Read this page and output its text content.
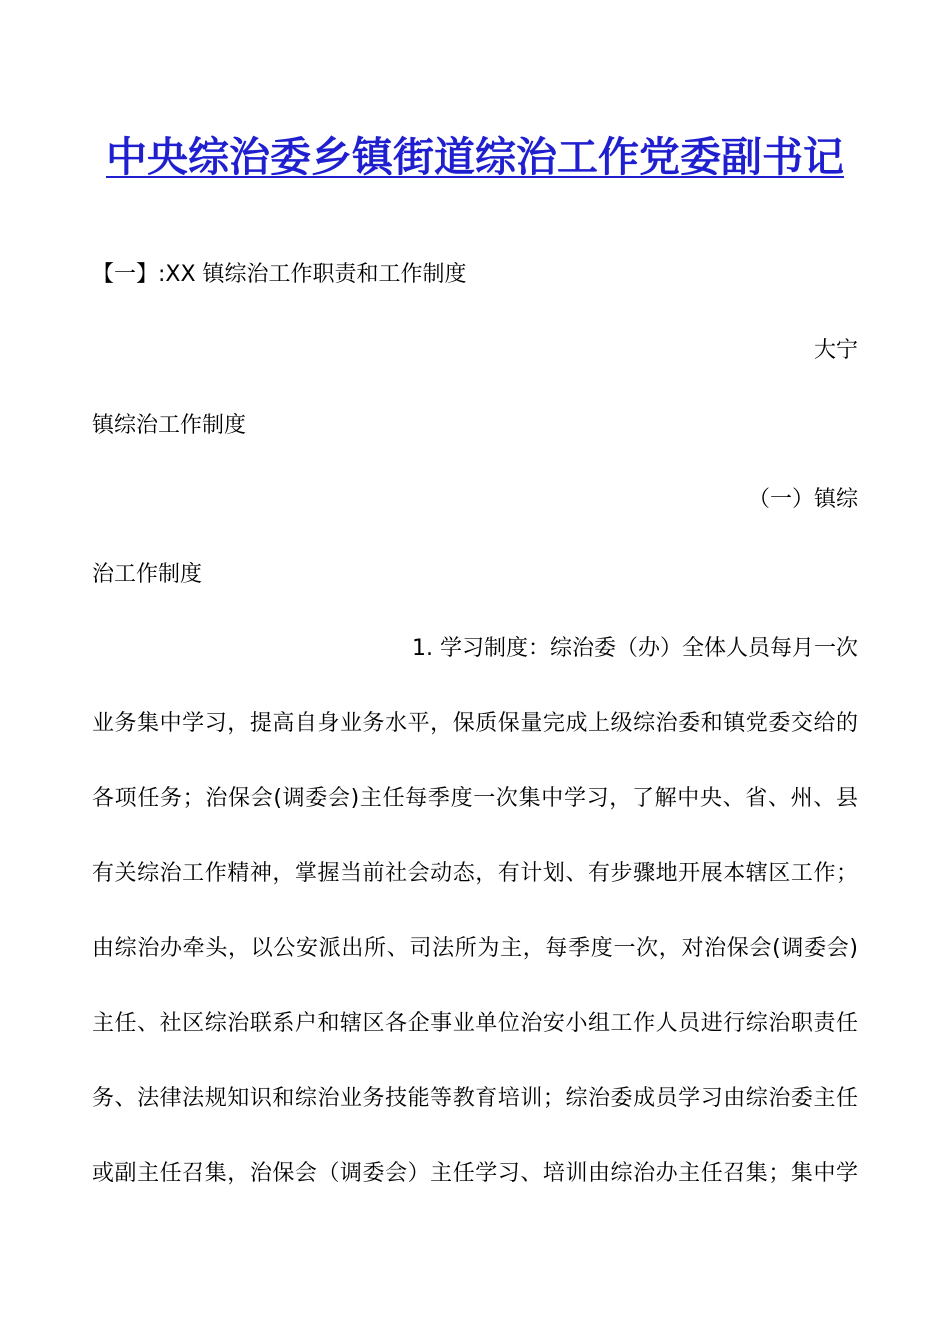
中央综治委乡镇街道综治工作党委副书记
【一】:XX 镇综治工作职责和工作制度
大宁
镇综治工作制度
（一）镇综
治工作制度
1. 学习制度：综治委（办）全体人员每月一次
业务集中学习，提高自身业务水平，保质保量完成上级综治委和镇党委交给的
各项任务；治保会(调委会)主任每季度一次集中学习，了解中央、省、州、县
有关综治工作精神，掌握当前社会动态，有计划、有步骤地开展本辖区工作；
由综治办牵头，以公安派出所、司法所为主，每季度一次，对治保会(调委会)
主任、社区综治联系户和辖区各企事业单位治安小组工作人员进行综治职责任
务、法律法规知识和综治业务技能等教育培训；综治委成员学习由综治委主任
或副主任召集，治保会（调委会）主任学习、培训由综治办主任召集；集中学
